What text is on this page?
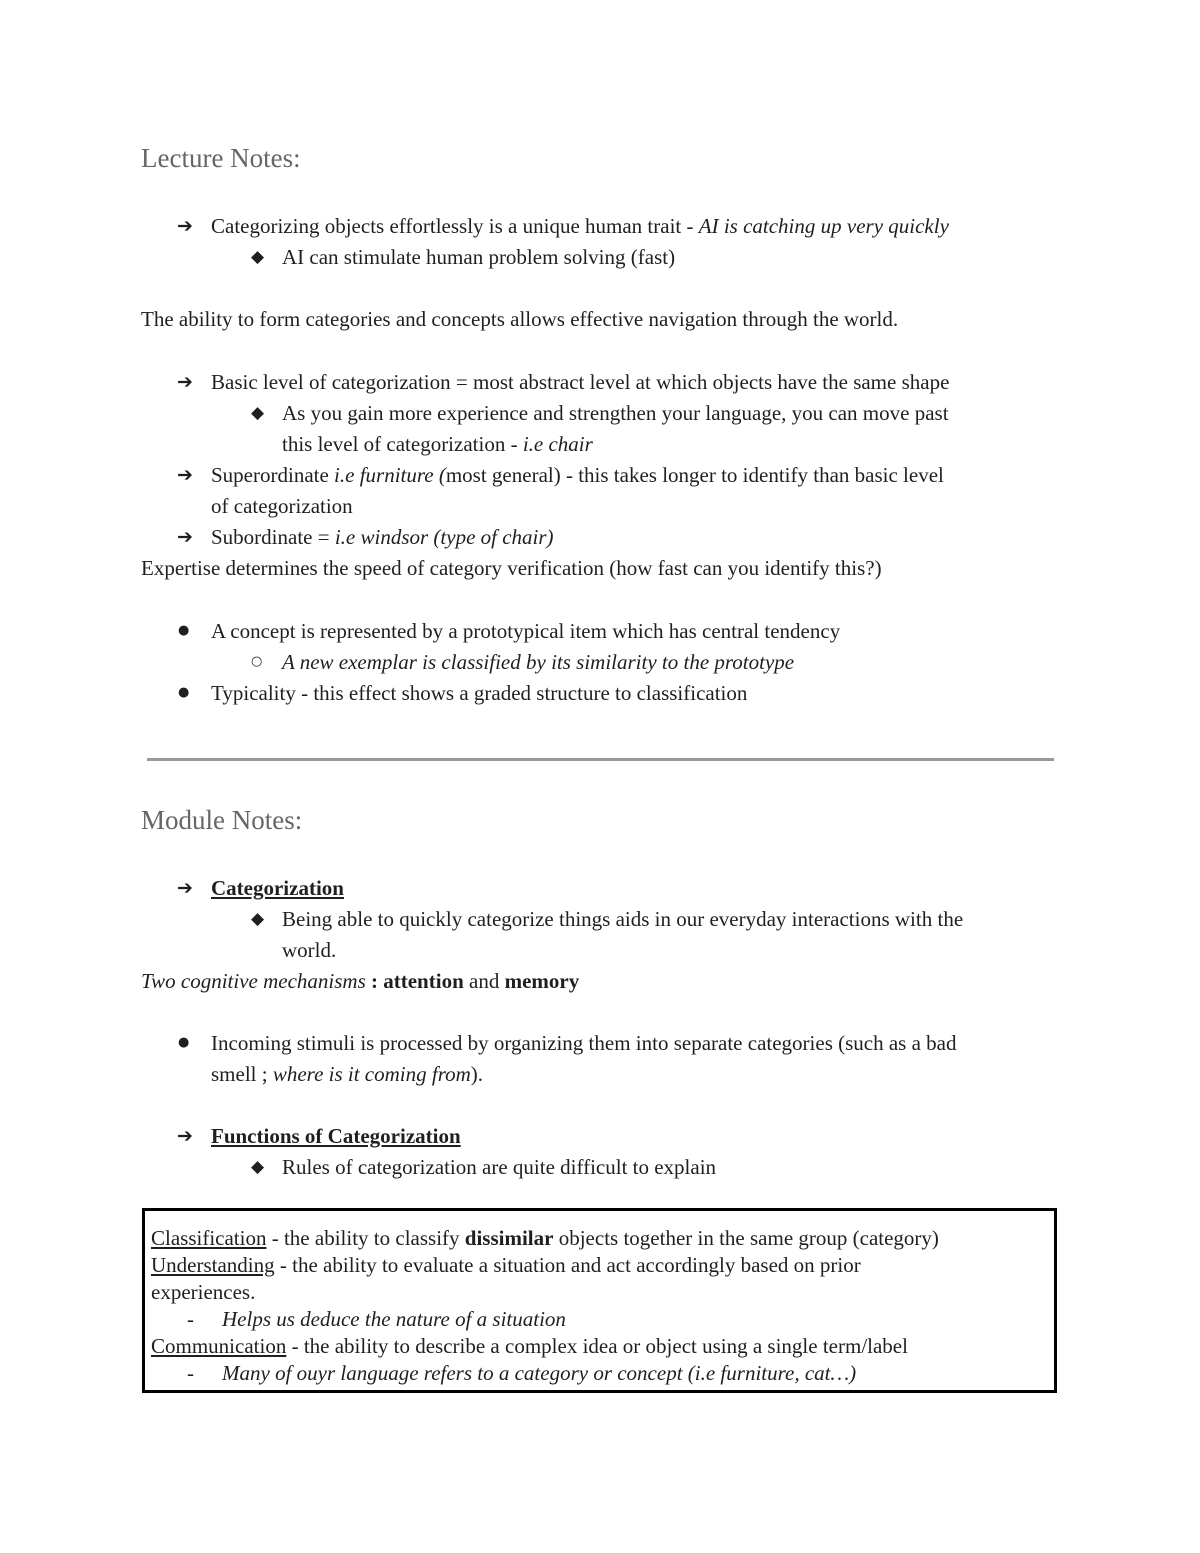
Lecture Notes:
➔ Categorizing objects effortlessly is a unique human trait - AI is catching up very quickly
◆ AI can stimulate human problem solving (fast)
The ability to form categories and concepts allows effective navigation through the world.
➔ Basic level of categorization = most abstract level at which objects have the same shape
◆ As you gain more experience and strengthen your language, you can move past
this level of categorization - i.e chair
➔ Superordinate i.e furniture (most general) - this takes longer to identify than basic level
of categorization
➔ Subordinate = i.e windsor (type of chair)
Expertise determines the speed of category verification (how fast can you identify this?)
● A concept is represented by a prototypical item which has central tendency
○ A new exemplar is classified by its similarity to the prototype
● Typicality - this effect shows a graded structure to classification
Module Notes:
➔ Categorization
◆ Being able to quickly categorize things aids in our everyday interactions with the
world.
Two cognitive mechanisms : attention and memory
● Incoming stimuli is processed by organizing them into separate categories (such as a bad
smell ; where is it coming from).
➔ Functions of Categorization
◆ Rules of categorization are quite difficult to explain
Classification - the ability to classify dissimilar objects together in the same group (category)
Understanding - the ability to evaluate a situation and act accordingly based on prior
experiences.
- Helps us deduce the nature of a situation
Communication - the ability to describe a complex idea or object using a single term/label
- Many of ouyr language refers to a category or concept (i.e furniture, cat…)
